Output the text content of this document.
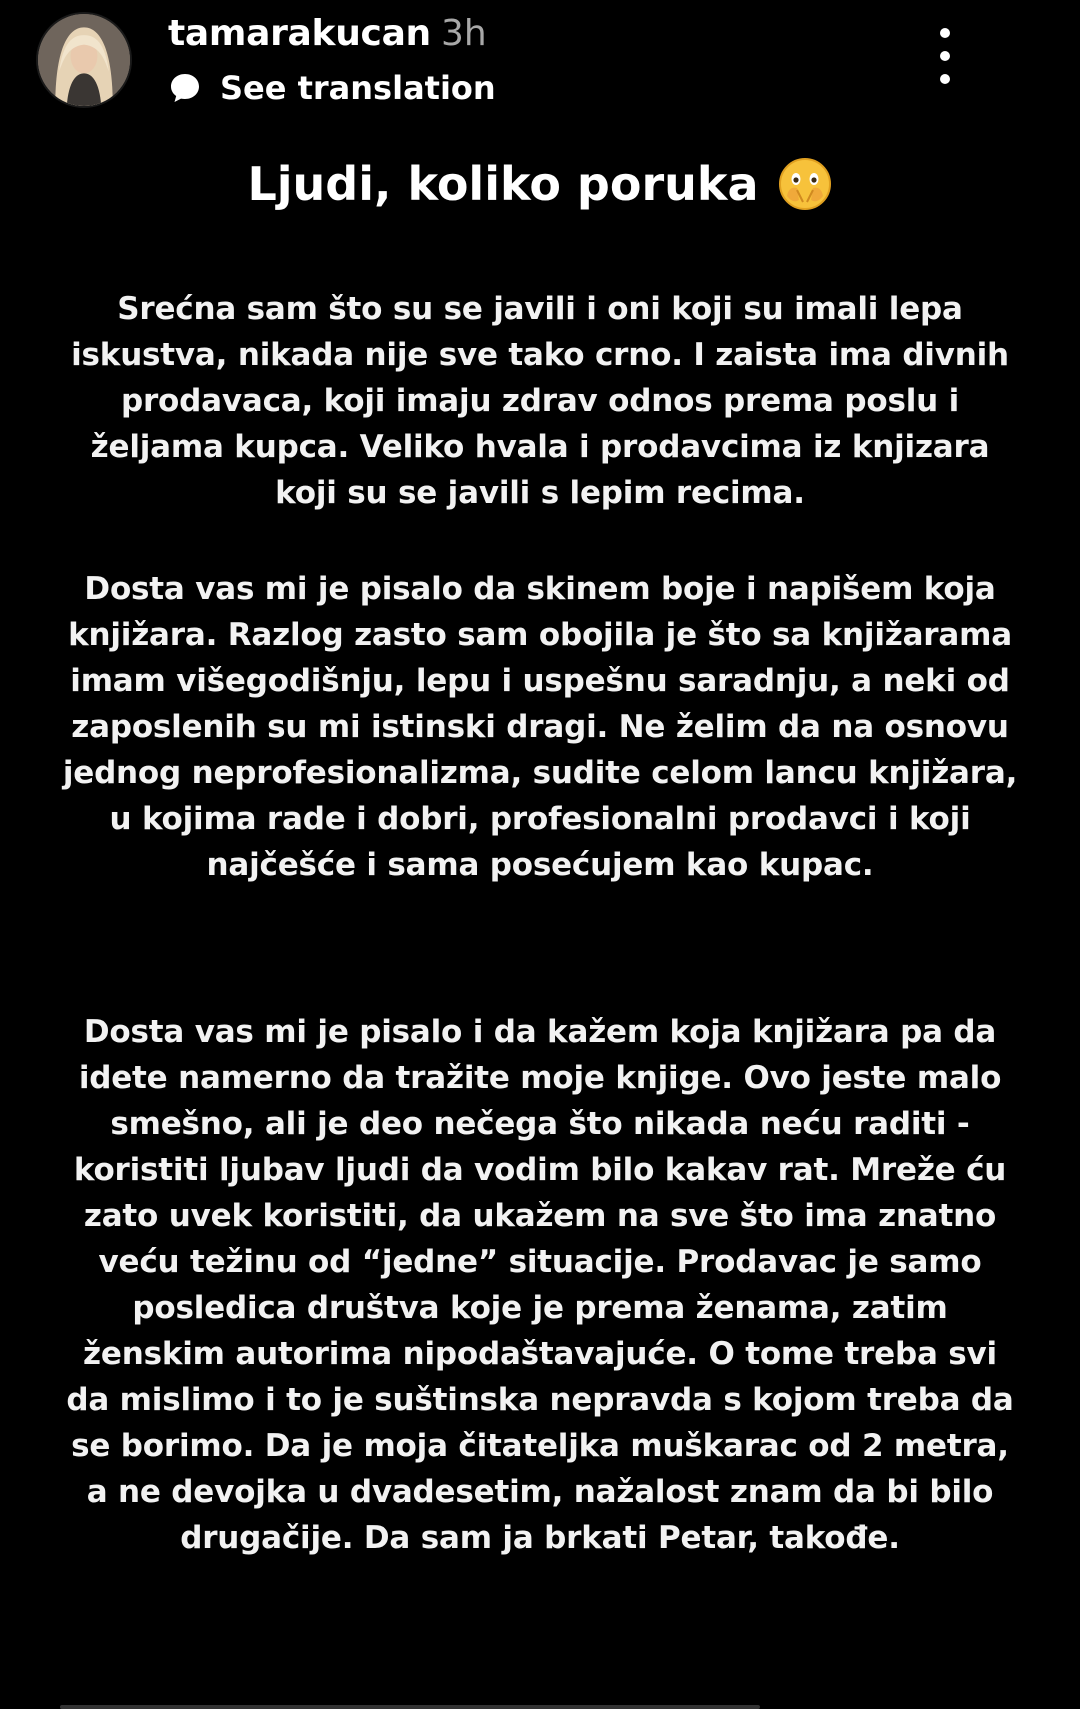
tamarakucan 3h
See translation
Ljudi, koliko poruka
Srećna sam što su se javili i oni koji su imali lepa iskustva, nikada nije sve tako crno. I zaista ima divnih prodavaca, koji imaju zdrav odnos prema poslu i željama kupca. Veliko hvala i prodavcima iz knjizara koji su se javili s lepim recima.
Dosta vas mi je pisalo da skinem boje i napišem koja knjižara. Razlog zasto sam obojila je što sa knjižarama imam višegodišnju, lepu i uspešnu saradnju, a neki od zaposlenih su mi istinski dragi. Ne želim da na osnovu jednog neprofesionalizma, sudite celom lancu knjižara, u kojima rade i dobri, profesionalni prodavci i koji najčešće i sama posećujem kao kupac.
Dosta vas mi je pisalo i da kažem koja knjižara pa da idete namerno da tražite moje knjige. Ovo jeste malo smešno, ali je deo nečega što nikada neću raditi - koristiti ljubav ljudi da vodim bilo kakav rat. Mreže ću zato uvek koristiti, da ukažem na sve što ima znatno veću težinu od “jedne” situacije. Prodavac je samo posledica društva koje je prema ženama, zatim ženskim autorima nipodaštavajuće. O tome treba svi da mislimo i to je suštinska nepravda s kojom treba da se borimo. Da je moja čitateljka muškarac od 2 metra, a ne devojka u dvadesetim, nažalost znam da bi bilo drugačije. Da sam ja brkati Petar, takođe.
